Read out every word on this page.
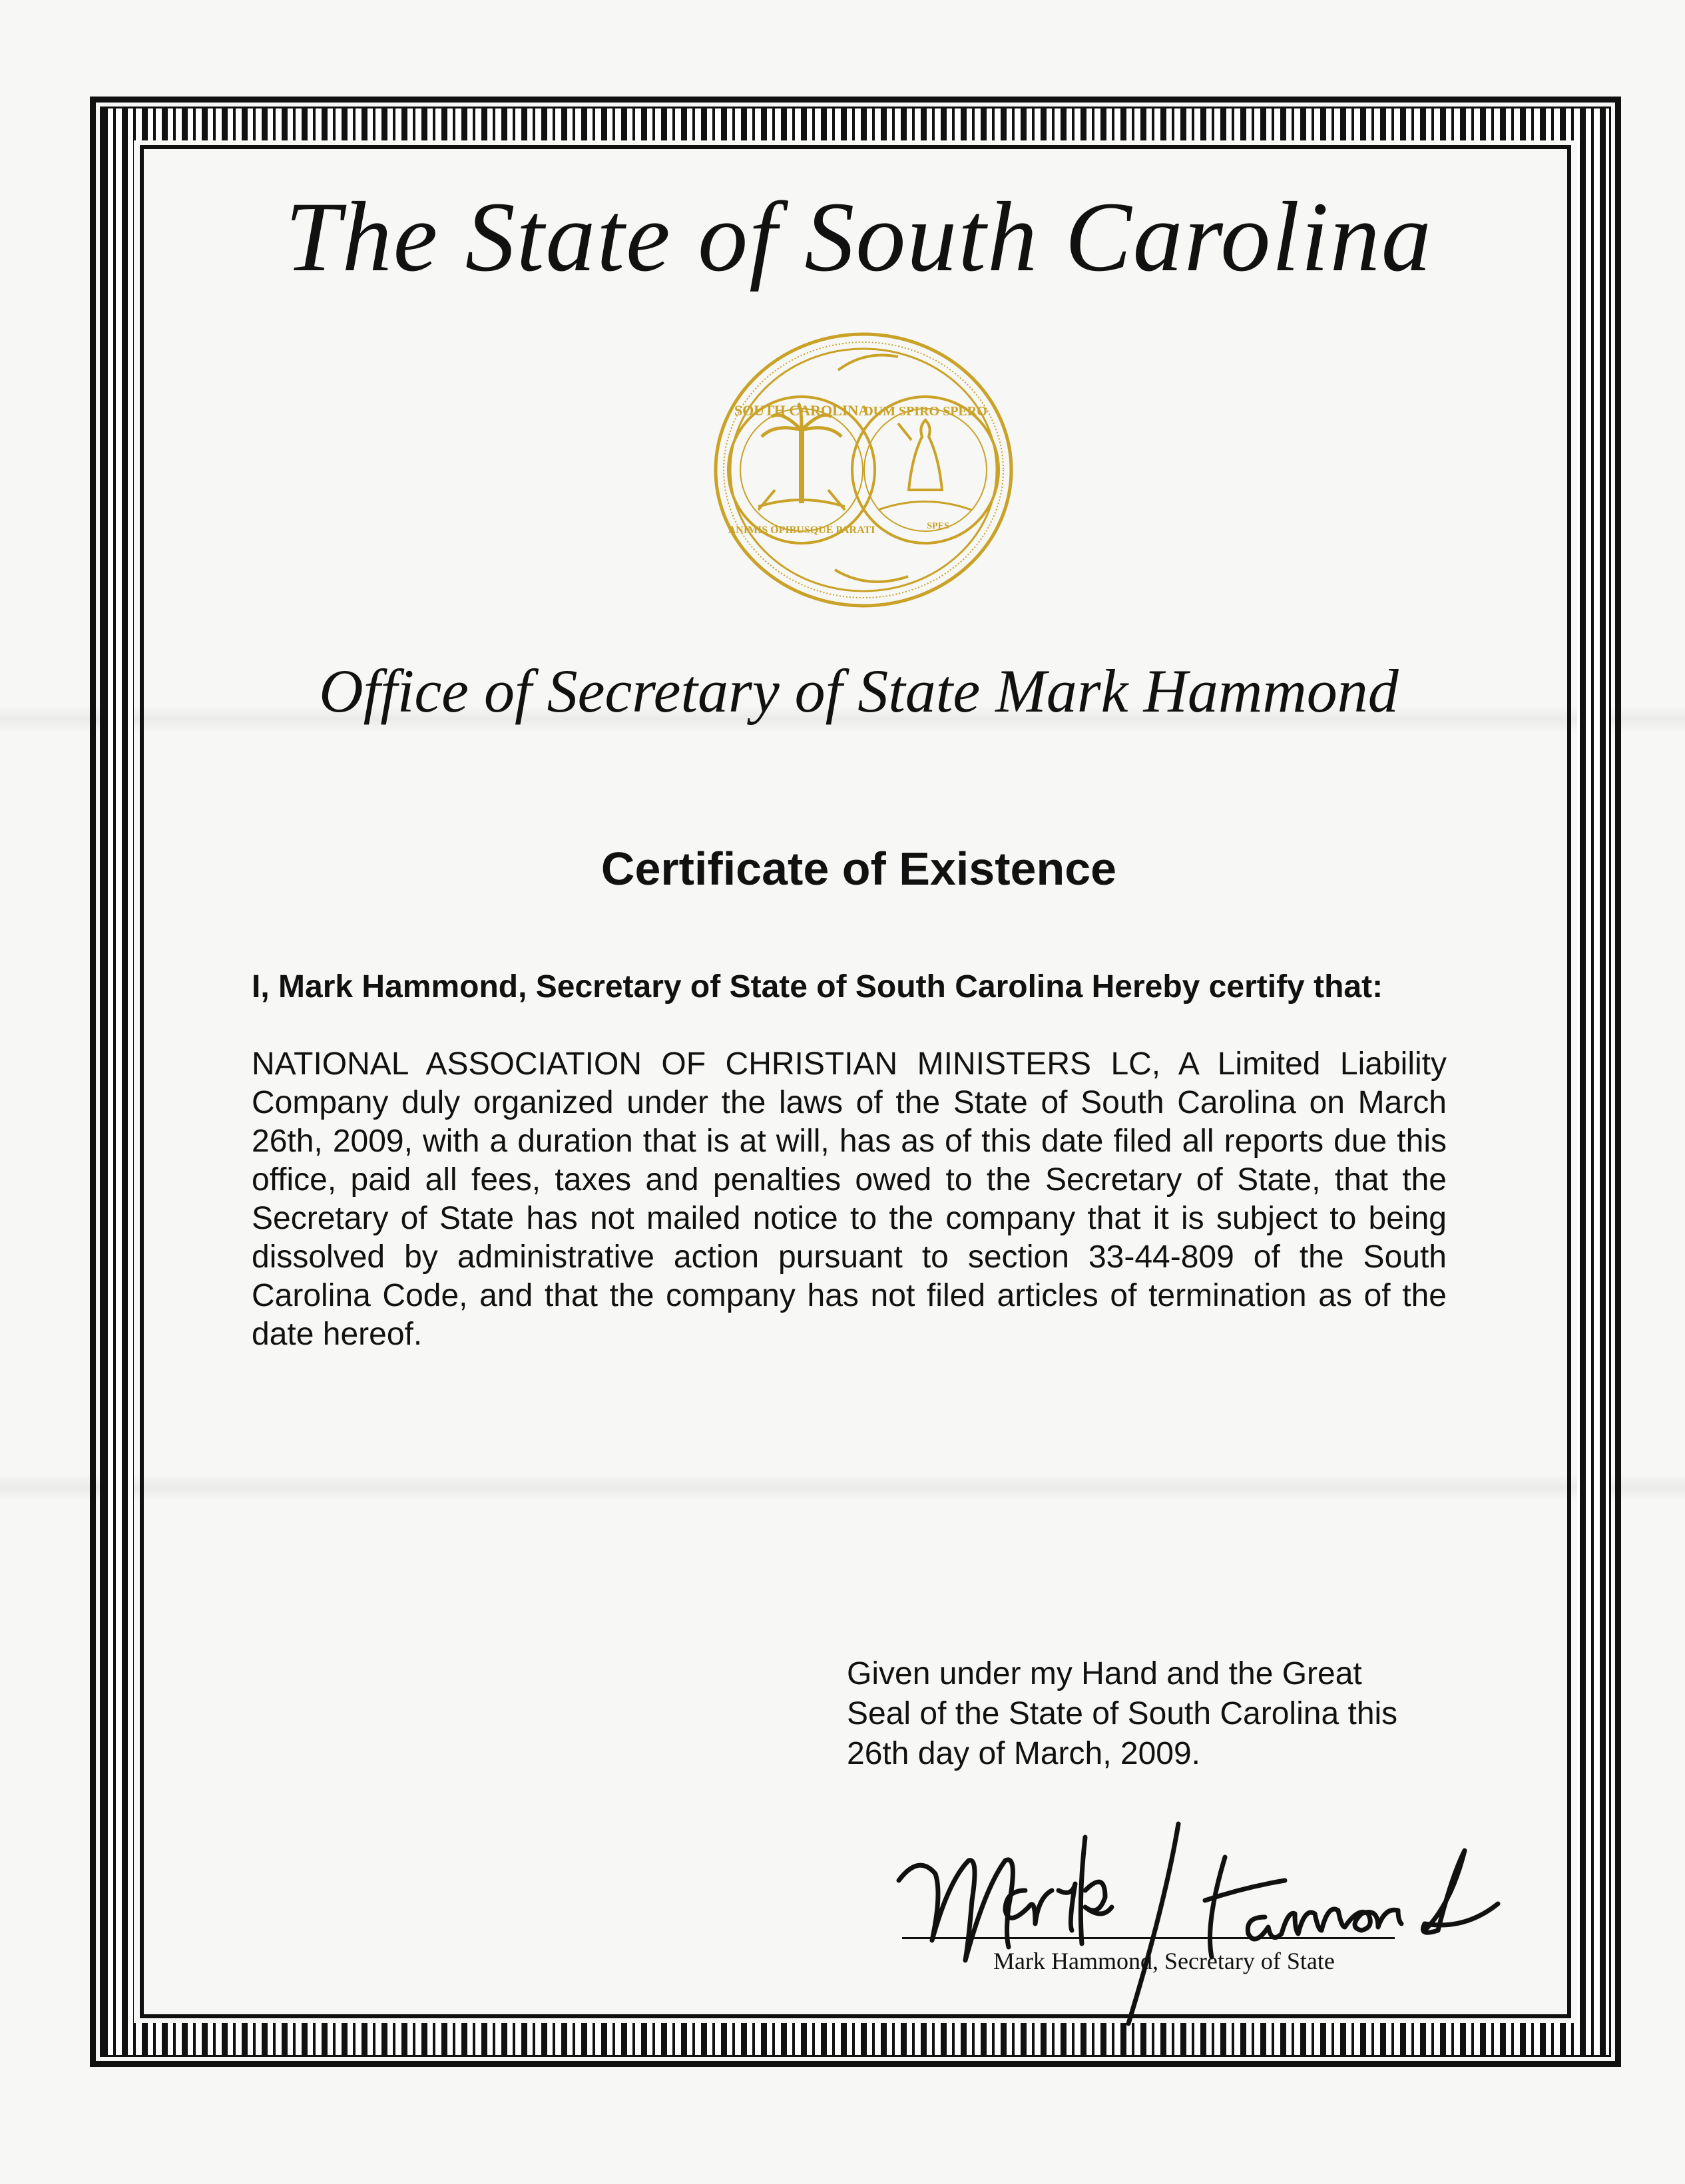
The State of South Carolina
SOUTH CAROLINA
ANIMIS OPIBUSQUE PARATI
DUM SPIRO SPERO
SPES
Office of Secretary of State Mark Hammond
Certificate of Existence
I, Mark Hammond, Secretary of State of South Carolina Hereby certify that:
NATIONAL ASSOCIATION OF CHRISTIAN MINISTERS LC, A Limited Liability Company duly organized under the laws of the State of South Carolina on March 26th, 2009, with a duration that is at will, has as of this date filed all reports due this office, paid all fees, taxes and penalties owed to the Secretary of State, that the Secretary of State has not mailed notice to the company that it is subject to being dissolved by administrative action pursuant to section 33-44-809 of the South Carolina Code, and that the company has not filed articles of termination as of the date hereof.
Given under my Hand and the Great
Seal of the State of South Carolina this
26th day of March, 2009.
Mark Hammond, Secretary of State
